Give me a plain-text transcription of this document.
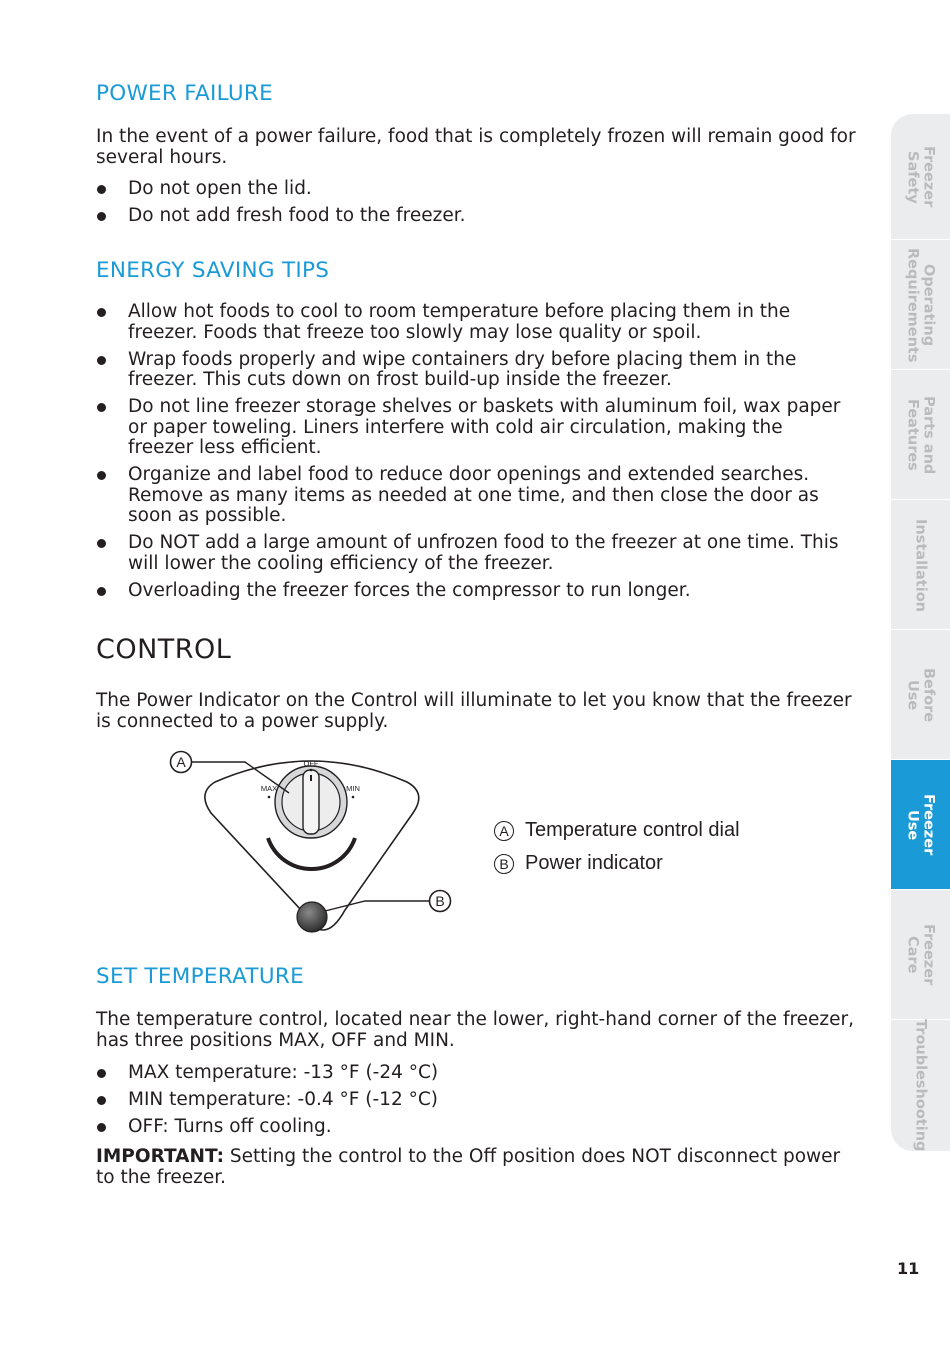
POWER FAILURE

In the event of a power failure, food that is completely frozen will remain good for several hours.

Do not open the lid.
Do not add fresh food to the freezer.
ENERGY SAVING TIPS
Allow hot foods to cool to room temperature before placing them in the freezer. Foods that freeze too slowly may lose quality or spoil.
Wrap foods properly and wipe containers dry before placing them in the freezer. This cuts down on frost build-up inside the freezer.
Do not line freezer storage shelves or baskets with aluminum foil, wax paper or paper toweling. Liners interfere with cold air circulation, making the freezer less efficient.
Organize and label food to reduce door openings and extended searches. Remove as many items as needed at one time, and then close the door as soon as possible.
Do NOT add a large amount of unfrozen food to the freezer at one time. This will lower the cooling efficiency of the freezer.
Overloading the freezer forces the compressor to run longer.
CONTROL

The Power Indicator on the Control will illuminate to let you know that the freezer is connected to a power supply.

OFF
MAX	MIN
A
B
A Temperature control dial
B Power indicator
SET TEMPERATURE

The temperature control, located near the lower, right-hand corner of the freezer, has three positions MAX, OFF and MIN.

MAX temperature: -13 °F (-24 °C)
MIN temperature: -0.4 °F (-12 °C)
OFF: Turns off cooling.

IMPORTANT: Setting the control to the Off position does NOT disconnect power to the freezer.

Freezer
Safety
Operating
Requirements
Parts and
Features
Installation
Before
Use
Freezer
Use
Freezer
Care
Troubleshooting
11
